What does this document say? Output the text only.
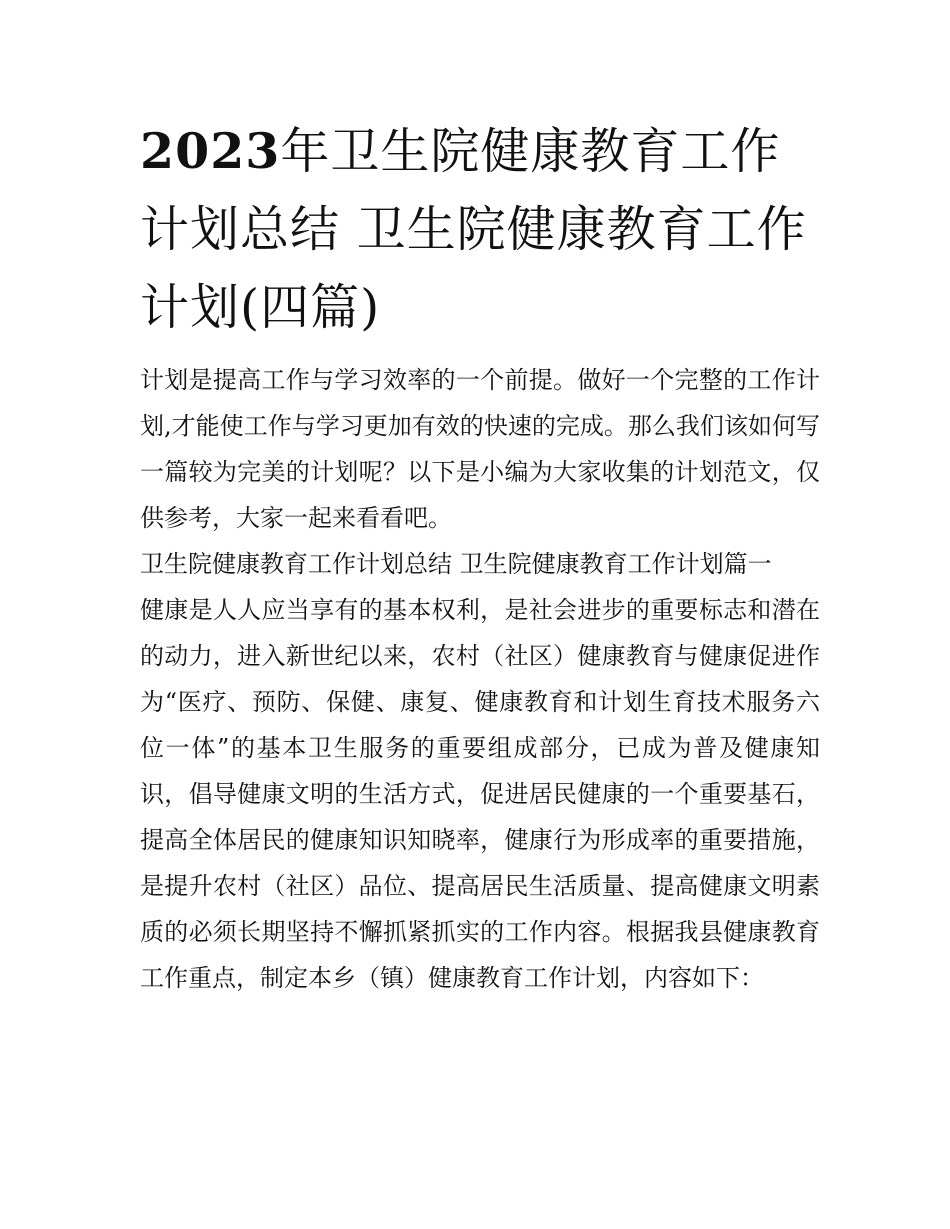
2023年卫生院健康教育工作计划总结 卫生院健康教育工作计划(四篇)

计划是提高工作与学习效率的一个前提。做好一个完整的工作计划,才能使工作与学习更加有效的快速的完成。那么我们该如何写一篇较为完美的计划呢？以下是小编为大家收集的计划范文，仅供参考，大家一起来看看吧。

卫生院健康教育工作计划总结 卫生院健康教育工作计划篇一

健康是人人应当享有的基本权利，是社会进步的重要标志和潜在的动力，进入新世纪以来，农村（社区）健康教育与健康促进作为“医疗、预防、保健、康复、健康教育和计划生育技术服务六位一体”的基本卫生服务的重要组成部分，已成为普及健康知识，倡导健康文明的生活方式，促进居民健康的一个重要基石，提高全体居民的健康知识知晓率，健康行为形成率的重要措施，是提升农村（社区）品位、提高居民生活质量、提高健康文明素质的必须长期坚持不懈抓紧抓实的工作内容。根据我县健康教育工作重点，制定本乡（镇）健康教育工作计划，内容如下：
